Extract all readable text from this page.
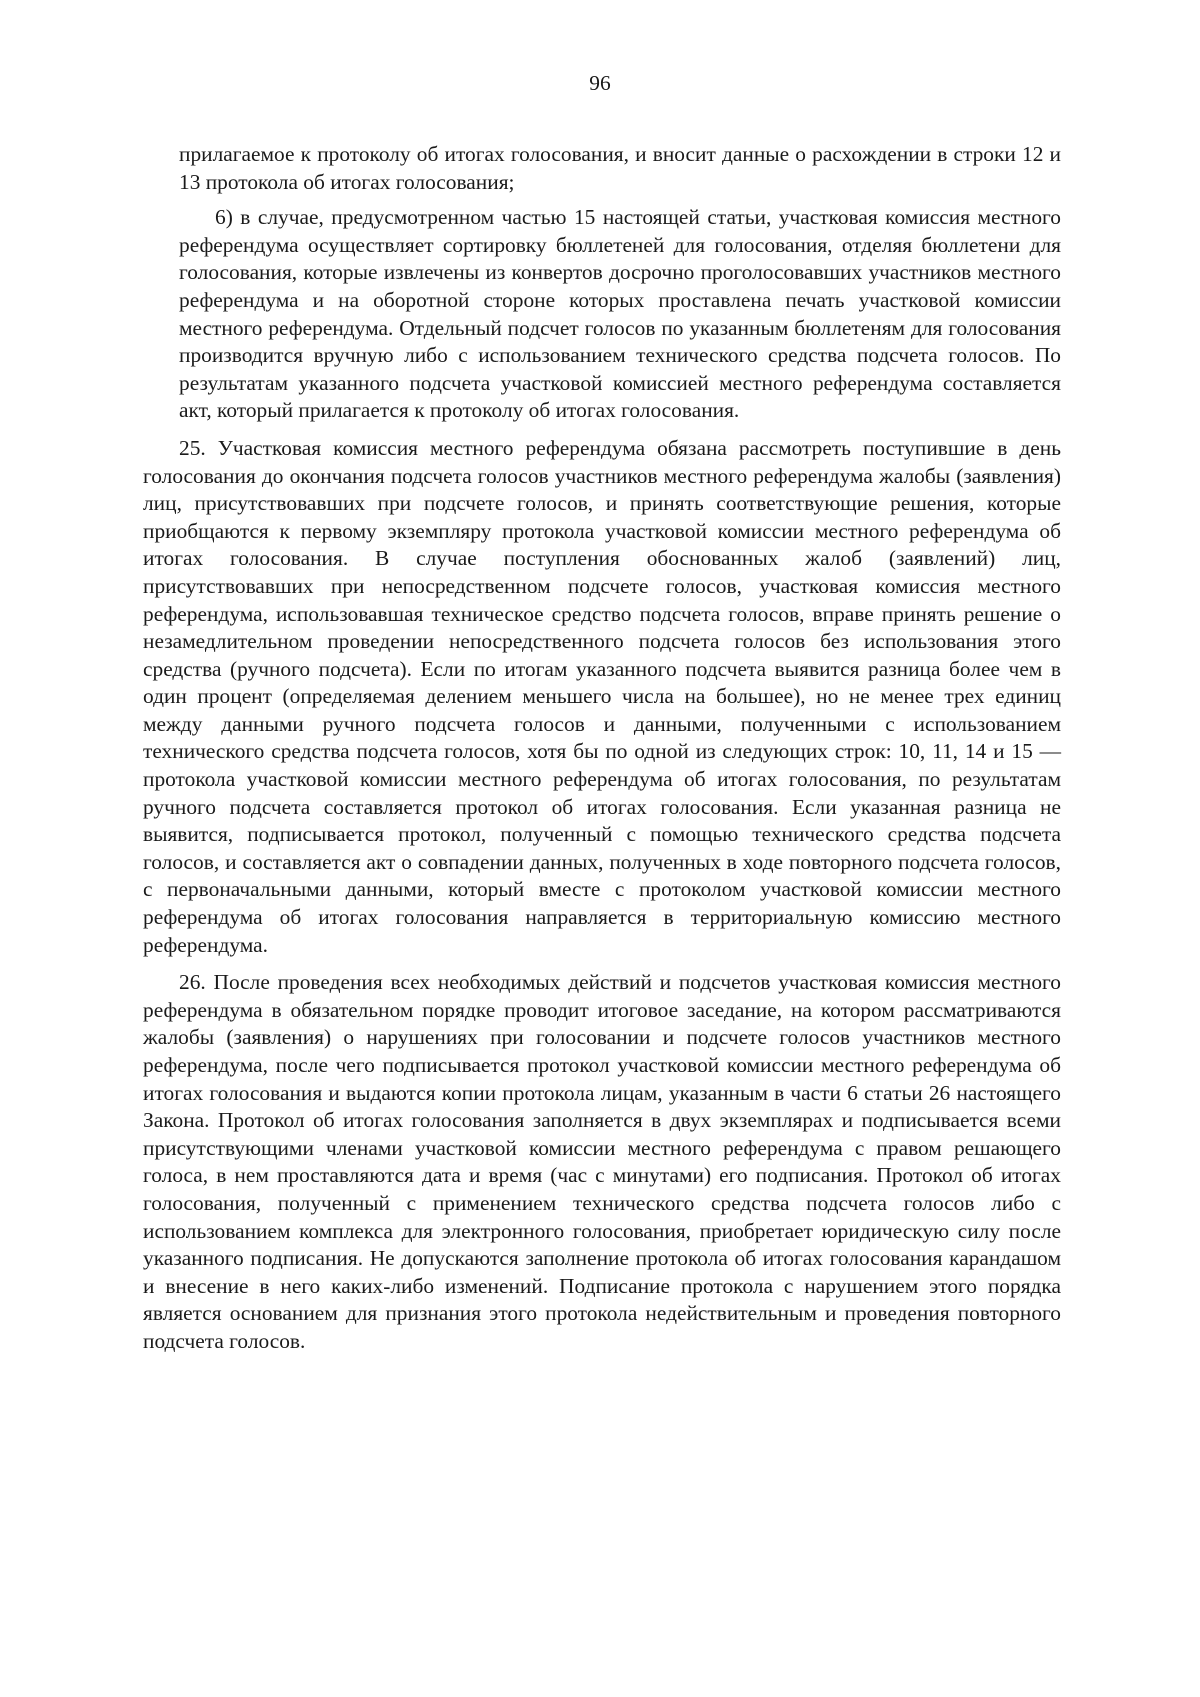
96

прилагаемое к протоколу об итогах голосования, и вносит данные о расхождении в строки 12 и 13 протокола об итогах голосования;

6) в случае, предусмотренном частью 15 настоящей статьи, участковая комиссия местного референдума осуществляет сортировку бюллетеней для голосования, отделяя бюллетени для голосования, которые извлечены из конвертов досрочно проголосовавших участников местного референдума и на оборотной стороне которых проставлена печать участковой комиссии местного референдума. Отдельный подсчет голосов по указанным бюллетеням для голосования производится вручную либо с использованием технического средства подсчета голосов. По результатам указанного подсчета участковой комиссией местного референдума составляется акт, который прилагается к протоколу об итогах голосования.

25. Участковая комиссия местного референдума обязана рассмотреть поступившие в день голосования до окончания подсчета голосов участников местного референдума жалобы (заявления) лиц, присутствовавших при подсчете голосов, и принять соответствующие решения, которые приобщаются к первому экземпляру протокола участковой комиссии местного референдума об итогах голосования. В случае поступления обоснованных жалоб (заявлений) лиц, присутствовавших при непосредственном подсчете голосов, участковая комиссия местного референдума, использовавшая техническое средство подсчета голосов, вправе принять решение о незамедлительном проведении непосредственного подсчета голосов без использования этого средства (ручного подсчета). Если по итогам указанного подсчета выявится разница более чем в один процент (определяемая делением меньшего числа на большее), но не менее трех единиц между данными ручного подсчета голосов и данными, полученными с использованием технического средства подсчета голосов, хотя бы по одной из следующих строк: 10, 11, 14 и 15 — протокола участковой комиссии местного референдума об итогах голосования, по результатам ручного подсчета составляется протокол об итогах голосования. Если указанная разница не выявится, подписывается протокол, полученный с помощью технического средства подсчета голосов, и составляется акт о совпадении данных, полученных в ходе повторного подсчета голосов, с первоначальными данными, который вместе с протоколом участковой комиссии местного референдума об итогах голосования направляется в территориальную комиссию местного референдума.

26. После проведения всех необходимых действий и подсчетов участковая комиссия местного референдума в обязательном порядке проводит итоговое заседание, на котором рассматриваются жалобы (заявления) о нарушениях при голосовании и подсчете голосов участников местного референдума, после чего подписывается протокол участковой комиссии местного референдума об итогах голосования и выдаются копии протокола лицам, указанным в части 6 статьи 26 настоящего Закона. Протокол об итогах голосования заполняется в двух экземплярах и подписывается всеми присутствующими членами участковой комиссии местного референдума с правом решающего голоса, в нем проставляются дата и время (час с минутами) его подписания. Протокол об итогах голосования, полученный с применением технического средства подсчета голосов либо с использованием комплекса для электронного голосования, приобретает юридическую силу после указанного подписания. Не допускаются заполнение протокола об итогах голосования карандашом и внесение в него каких-либо изменений. Подписание протокола с нарушением этого порядка является основанием для признания этого протокола недействительным и проведения повторного подсчета голосов.
